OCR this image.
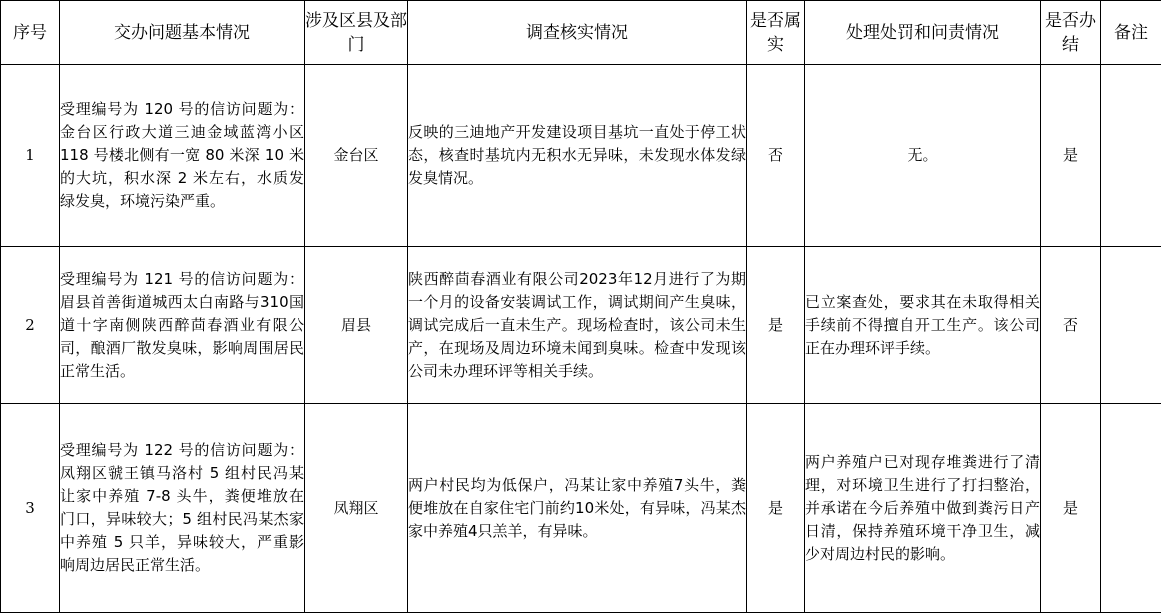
序号	交办问题基本情况	涉及区县及部门	调查核实情况	是否属实	处理处罚和问责情况	是否办结	备注
1	受理编号为 120 号的信访问题为：金台区行政大道三迪金域蓝湾小区 118 号楼北侧有一宽 80 米深 10 米的大坑，积水深 2 米左右，水质发绿发臭，环境污染严重。	金台区	反映的三迪地产开发建设项目基坑一直处于停工状态，核查时基坑内无积水无异味，未发现水体发绿发臭情况。	否	无。	是	
2	受理编号为 121 号的信访问题为：眉县首善街道城西太白南路与310国道十字南侧陕西醉茴春酒业有限公司，酿酒厂散发臭味，影响周围居民正常生活。	眉县	陕西醉茴春酒业有限公司2023年12月进行了为期一个月的设备安装调试工作，调试期间产生臭味，调试完成后一直未生产。现场检查时，该公司未生产，在现场及周边环境未闻到臭味。检查中发现该公司未办理环评等相关手续。	是	已立案查处，要求其在未取得相关手续前不得擅自开工生产。该公司正在办理环评手续。	否	
3	受理编号为 122 号的信访问题为：凤翔区虢王镇马洛村 5 组村民冯某让家中养殖 7-8 头牛，粪便堆放在门口，异味较大；5 组村民冯某杰家中养殖 5 只羊，异味较大，严重影响周边居民正常生活。	凤翔区	两户村民均为低保户，冯某让家中养殖7头牛，粪便堆放在自家住宅门前约10米处，有异味，冯某杰家中养殖4只羔羊，有异味。	是	两户养殖户已对现存堆粪进行了清理，对环境卫生进行了打扫整治，并承诺在今后养殖中做到粪污日产日清，保持养殖环境干净卫生，减少对周边村民的影响。	是	
